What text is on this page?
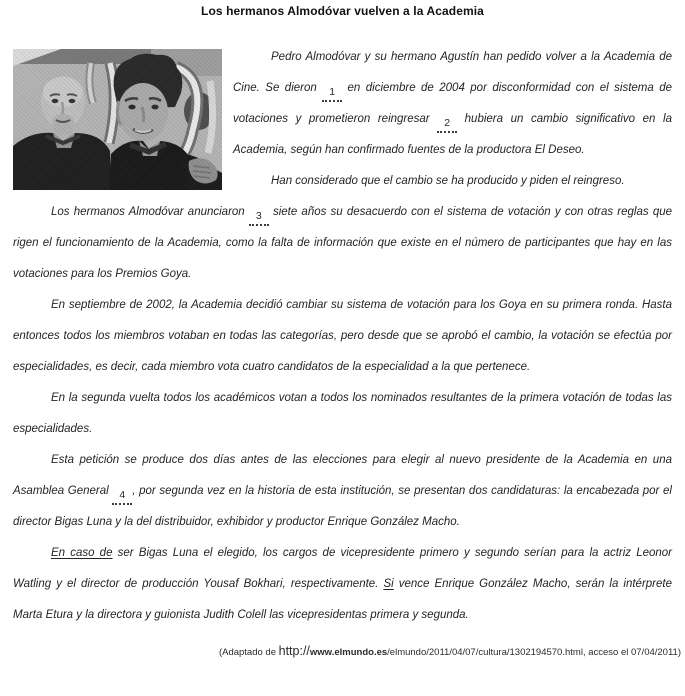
Los hermanos Almodóvar vuelven a la Academia

Pedro Almodóvar y su hermano Agustín han pedido volver a la Academia de Cine. Se dieron 1 en diciembre de 2004 por disconformidad con el sistema de votaciones y prometieron reingresar 2 hubiera un cambio significativo en la Academia, según han confirmado fuentes de la productora El Deseo.

Han considerado que el cambio se ha producido y piden el reingreso.

Los hermanos Almodóvar anunciaron 3 siete años su desacuerdo con el sistema de votación y con otras reglas que rigen el funcionamiento de la Academia, como la falta de información que existe en el número de participantes que hay en las votaciones para los Premios Goya.

En septiembre de 2002, la Academia decidió cambiar su sistema de votación para los Goya en su primera ronda. Hasta entonces todos los miembros votaban en todas las categorías, pero desde que se aprobó el cambio, la votación se efectúa por especialidades, es decir, cada miembro vota cuatro candidatos de la especialidad a la que pertenece.

En la segunda vuelta todos los académicos votan a todos los nominados resultantes de la primera votación de todas las especialidades.

Esta petición se produce dos días antes de las elecciones para elegir al nuevo presidente de la Academia en una Asamblea General 4 , por segunda vez en la historia de esta institución, se presentan dos candidaturas: la encabezada por el director Bigas Luna y la del distribuidor, exhibidor y productor Enrique González Macho.

En caso de ser Bigas Luna el elegido, los cargos de vicepresidente primero y segundo serían para la actriz Leonor Watling y el director de producción Yousaf Bokhari, respectivamente. Si vence Enrique González Macho, serán la intérprete Marta Etura y la directora y guionista Judith Colell las vicepresidentas primera y segunda.

(Adaptado de http://www.elmundo.es/elmundo/2011/04/07/cultura/1302194570.html, acceso el 07/04/2011)
